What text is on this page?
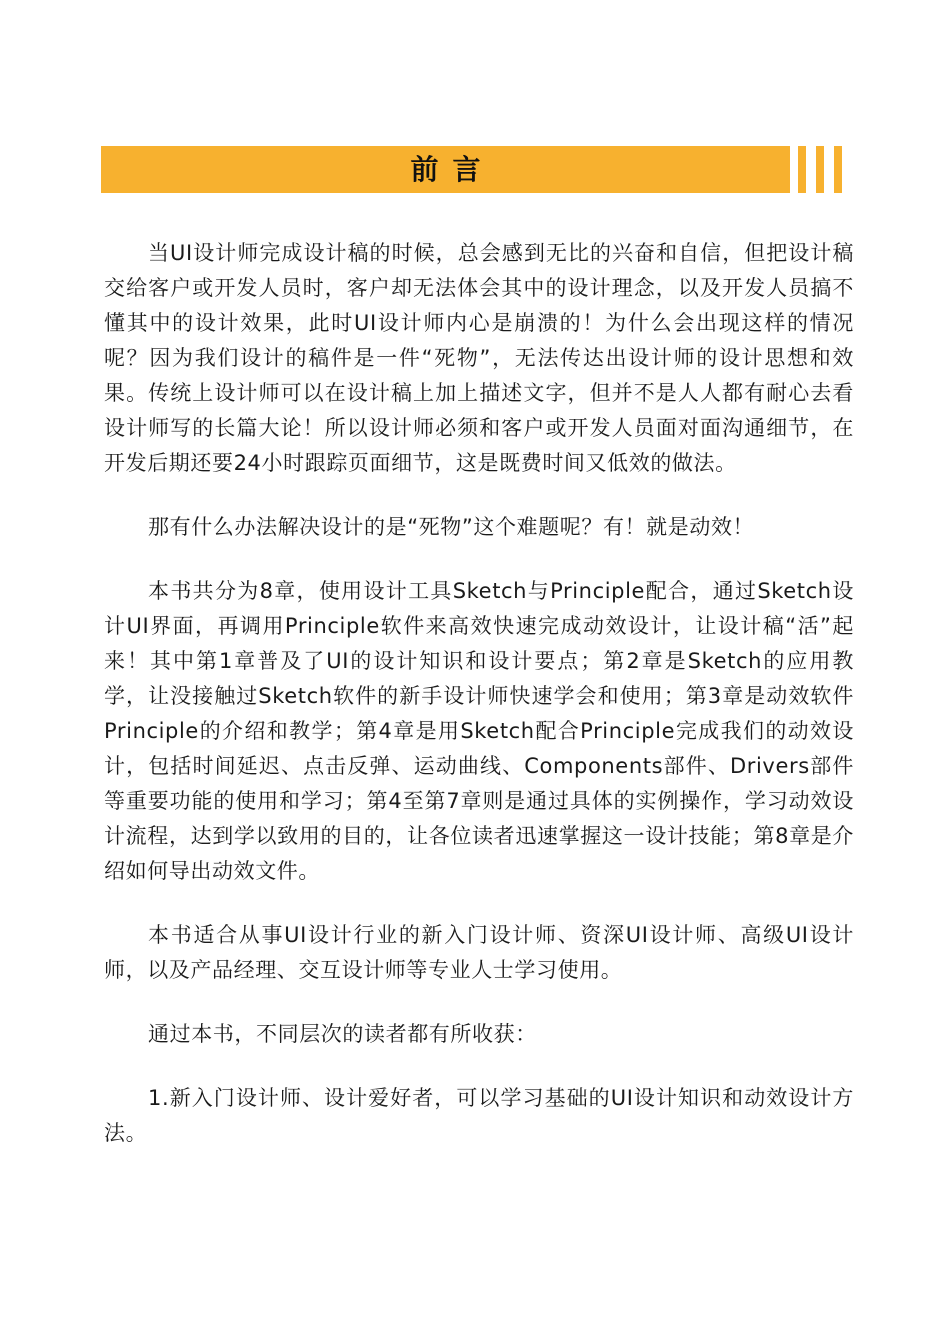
前言

当UI设计师完成设计稿的时候，总会感到无比的兴奋和自信，但把设计稿交给客户或开发人员时，客户却无法体会其中的设计理念，以及开发人员搞不懂其中的设计效果，此时UI设计师内心是崩溃的！为什么会出现这样的情况呢？因为我们设计的稿件是一件“死物”，无法传达出设计师的设计思想和效果。传统上设计师可以在设计稿上加上描述文字，但并不是人人都有耐心去看设计师写的长篇大论！所以设计师必须和客户或开发人员面对面沟通细节，在开发后期还要24小时跟踪页面细节，这是既费时间又低效的做法。

那有什么办法解决设计的是“死物”这个难题呢？有！就是动效！

本书共分为8章，使用设计工具Sketch与Principle配合，通过Sketch设计UI界面，再调用Principle软件来高效快速完成动效设计，让设计稿“活”起来！其中第1章普及了UI的设计知识和设计要点；第2章是Sketch的应用教学，让没接触过Sketch软件的新手设计师快速学会和使用；第3章是动效软件Principle的介绍和教学；第4章是用Sketch配合Principle完成我们的动效设计，包括时间延迟、点击反弹、运动曲线、Components部件、Drivers部件等重要功能的使用和学习；第4至第7章则是通过具体的实例操作，学习动效设计流程，达到学以致用的目的，让各位读者迅速掌握这一设计技能；第8章是介绍如何导出动效文件。

本书适合从事UI设计行业的新入门设计师、资深UI设计师、高级UI设计师，以及产品经理、交互设计师等专业人士学习使用。

通过本书，不同层次的读者都有所收获：

1.新入门设计师、设计爱好者，可以学习基础的UI设计知识和动效设计方法。
